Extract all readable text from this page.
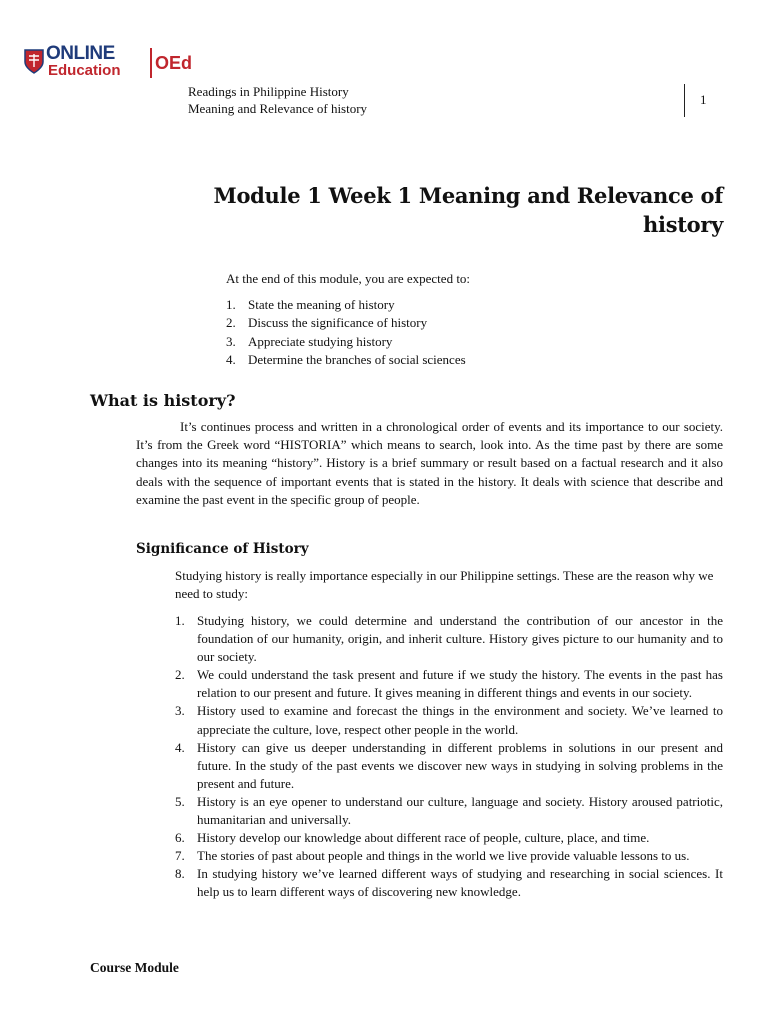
ONLINE
Education OEd
Readings in Philippine History
Meaning and Relevance of history
1
Module 1 Week 1 Meaning and Relevance of history

At the end of this module, you are expected to:

1. State the meaning of history
2. Discuss the significance of history
3. Appreciate studying history
4. Determine the branches of social sciences
What is history?

It’s continues process and written in a chronological order of events and its importance to our society. It’s from the Greek word “HISTORIA” which means to search, look into. As the time past by there are some changes into its meaning “history”. History is a brief summary or result based on a factual research and it also deals with the sequence of important events that is stated in the history. It deals with science that describe and examine the past event in the specific group of people.

Significance of History

Studying history is really importance especially in our Philippine settings. These are the reason why we need to study:

1. Studying history, we could determine and understand the contribution of our ancestor in the foundation of our humanity, origin, and inherit culture. History gives picture to our humanity and to our society.
2. We could understand the task present and future if we study the history. The events in the past has relation to our present and future. It gives meaning in different things and events in our society.
3. History used to examine and forecast the things in the environment and society. We’ve learned to appreciate the culture, love, respect other people in the world.
4. History can give us deeper understanding in different problems in solutions in our present and future. In the study of the past events we discover new ways in studying in solving problems in the present and future.
5. History is an eye opener to understand our culture, language and society. History aroused patriotic, humanitarian and universally.
6. History develop our knowledge about different race of people, culture, place, and time.
7. The stories of past about people and things in the world we live provide valuable lessons to us.
8. In studying history we’ve learned different ways of studying and researching in social sciences. It help us to learn different ways of discovering new knowledge.
Course Module
